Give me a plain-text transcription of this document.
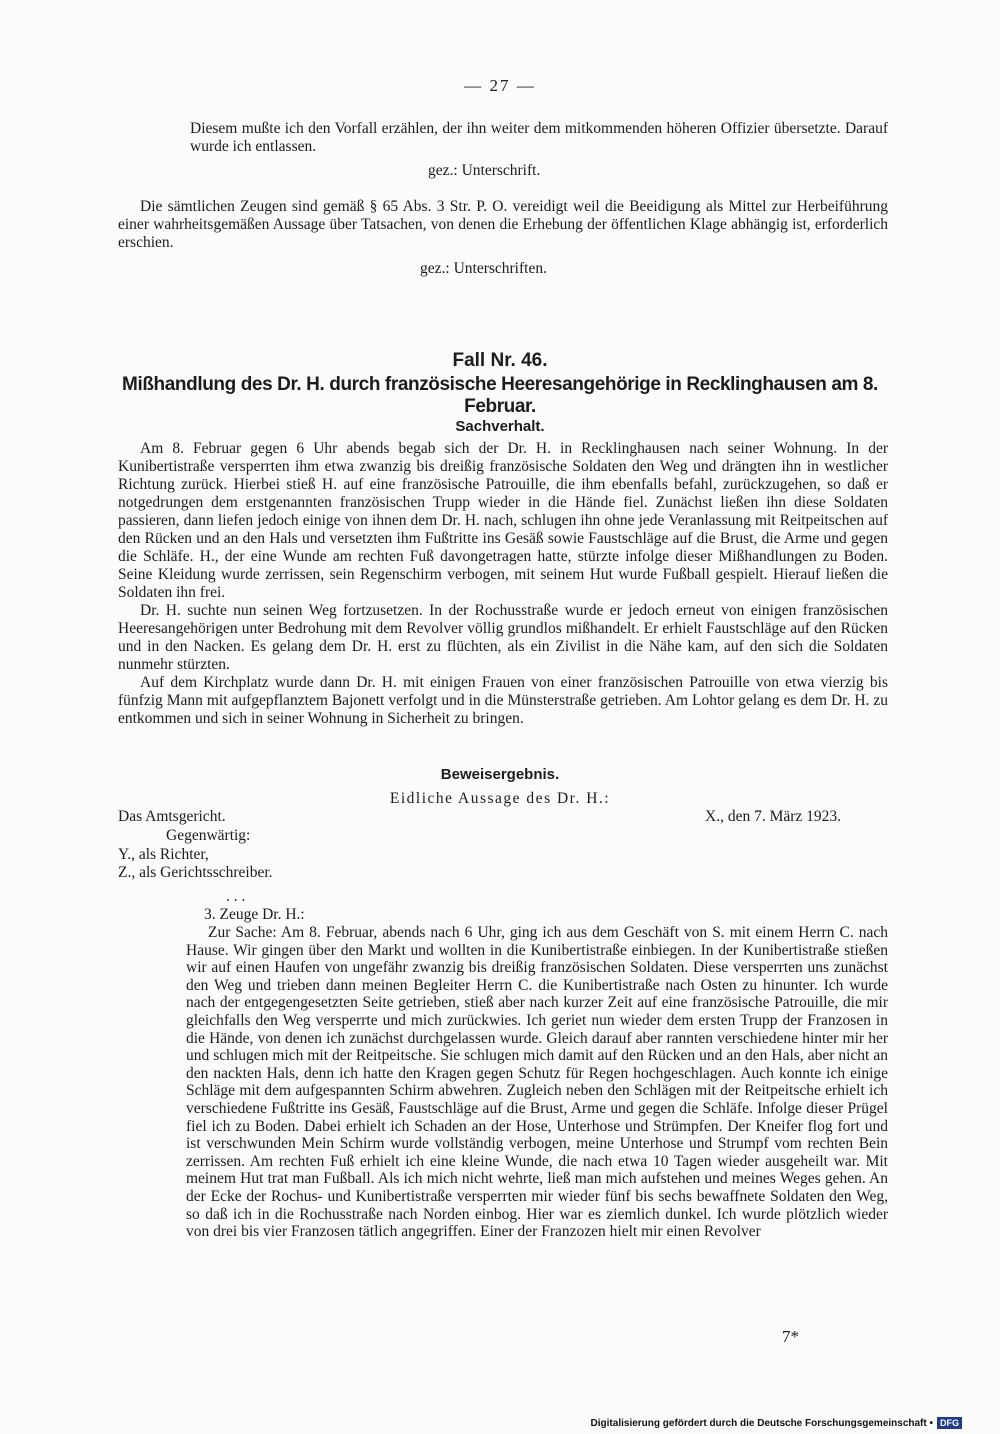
— 27 —
Diesem mußte ich den Vorfall erzählen, der ihn weiter dem mitkommenden höheren Offizier übersetzte. Darauf wurde ich entlassen.
gez.: Unterschrift.
Die sämtlichen Zeugen sind gemäß § 65 Abs. 3 Str. P. O. vereidigt weil die Beeidigung als Mittel zur Herbeiführung einer wahrheitsgemäßen Aussage über Tatsachen, von denen die Erhebung der öffentlichen Klage abhängig ist, erforderlich erschien.
gez.: Unterschriften.
Fall Nr. 46.
Mißhandlung des Dr. H. durch französische Heeresangehörige in Recklinghausen am 8. Februar.
Sachverhalt.

Am 8. Februar gegen 6 Uhr abends begab sich der Dr. H. in Recklinghausen nach seiner Wohnung. In der Kunibertistraße versperrten ihm etwa zwanzig bis dreißig französische Soldaten den Weg und drängten ihn in westlicher Richtung zurück. Hierbei stieß H. auf eine französische Patrouille, die ihm ebenfalls befahl, zurückzugehen, so daß er notgedrungen dem erstgenannten französischen Trupp wieder in die Hände fiel. Zunächst ließen ihn diese Soldaten passieren, dann liefen jedoch einige von ihnen dem Dr. H. nach, schlugen ihn ohne jede Veranlassung mit Reitpeitschen auf den Rücken und an den Hals und versetzten ihm Fußtritte ins Gesäß sowie Faustschläge auf die Brust, die Arme und gegen die Schläfe. H., der eine Wunde am rechten Fuß davongetragen hatte, stürzte infolge dieser Mißhandlungen zu Boden. Seine Kleidung wurde zerrissen, sein Regenschirm verbogen, mit seinem Hut wurde Fußball gespielt. Hierauf ließen die Soldaten ihn frei.

Dr. H. suchte nun seinen Weg fortzusetzen. In der Rochusstraße wurde er jedoch erneut von einigen französischen Heeresangehörigen unter Bedrohung mit dem Revolver völlig grundlos mißhandelt. Er erhielt Faustschläge auf den Rücken und in den Nacken. Es gelang dem Dr. H. erst zu flüchten, als ein Zivilist in die Nähe kam, auf den sich die Soldaten nunmehr stürzten.

Auf dem Kirchplatz wurde dann Dr. H. mit einigen Frauen von einer französischen Patrouille von etwa vierzig bis fünfzig Mann mit aufgepflanztem Bajonett verfolgt und in die Münsterstraße getrieben. Am Lohtor gelang es dem Dr. H. zu entkommen und sich in seiner Wohnung in Sicherheit zu bringen.

Beweisergebnis.
Eidliche Aussage des Dr. H.:
Das Amtsgericht.	X., den 7. März 1923.
Gegenwärtig:
Y., als Richter,
Z., als Gerichtsschreiber.
. . .
3. Zeuge Dr. H.:
Zur Sache: Am 8. Februar, abends nach 6 Uhr, ging ich aus dem Geschäft von S. mit einem Herrn C. nach Hause. Wir gingen über den Markt und wollten in die Kunibertistraße einbiegen. In der Kunibertistraße stießen wir auf einen Haufen von ungefähr zwanzig bis dreißig französischen Soldaten. Diese versperrten uns zunächst den Weg und trieben dann meinen Begleiter Herrn C. die Kunibertistraße nach Osten zu hinunter. Ich wurde nach der entgegengesetzten Seite getrieben, stieß aber nach kurzer Zeit auf eine französische Patrouille, die mir gleichfalls den Weg versperrte und mich zurückwies. Ich geriet nun wieder dem ersten Trupp der Franzosen in die Hände, von denen ich zunächst durchgelassen wurde. Gleich darauf aber rannten verschiedene hinter mir her und schlugen mich mit der Reitpeitsche. Sie schlugen mich damit auf den Rücken und an den Hals, aber nicht an den nackten Hals, denn ich hatte den Kragen gegen Schutz für Regen hochgeschlagen. Auch konnte ich einige Schläge mit dem aufgespannten Schirm abwehren. Zugleich neben den Schlägen mit der Reitpeitsche erhielt ich verschiedene Fußtritte ins Gesäß, Faustschläge auf die Brust, Arme und gegen die Schläfe. Infolge dieser Prügel fiel ich zu Boden. Dabei erhielt ich Schaden an der Hose, Unterhose und Strümpfen. Der Kneifer flog fort und ist verschwunden Mein Schirm wurde vollständig verbogen, meine Unterhose und Strumpf vom rechten Bein zerrissen. Am rechten Fuß erhielt ich eine kleine Wunde, die nach etwa 10 Tagen wieder ausgeheilt war. Mit meinem Hut trat man Fußball. Als ich mich nicht wehrte, ließ man mich aufstehen und meines Weges gehen. An der Ecke der Rochus- und Kunibertistraße versperrten mir wieder fünf bis sechs bewaffnete Soldaten den Weg, so daß ich in die Rochusstraße nach Norden einbog. Hier war es ziemlich dunkel. Ich wurde plötzlich wieder von drei bis vier Franzosen tätlich angegriffen. Einer der Franzozen hielt mir einen Revolver
7*
Digitalisierung gefördert durch die Deutsche Forschungsgemeinschaft • DFG
